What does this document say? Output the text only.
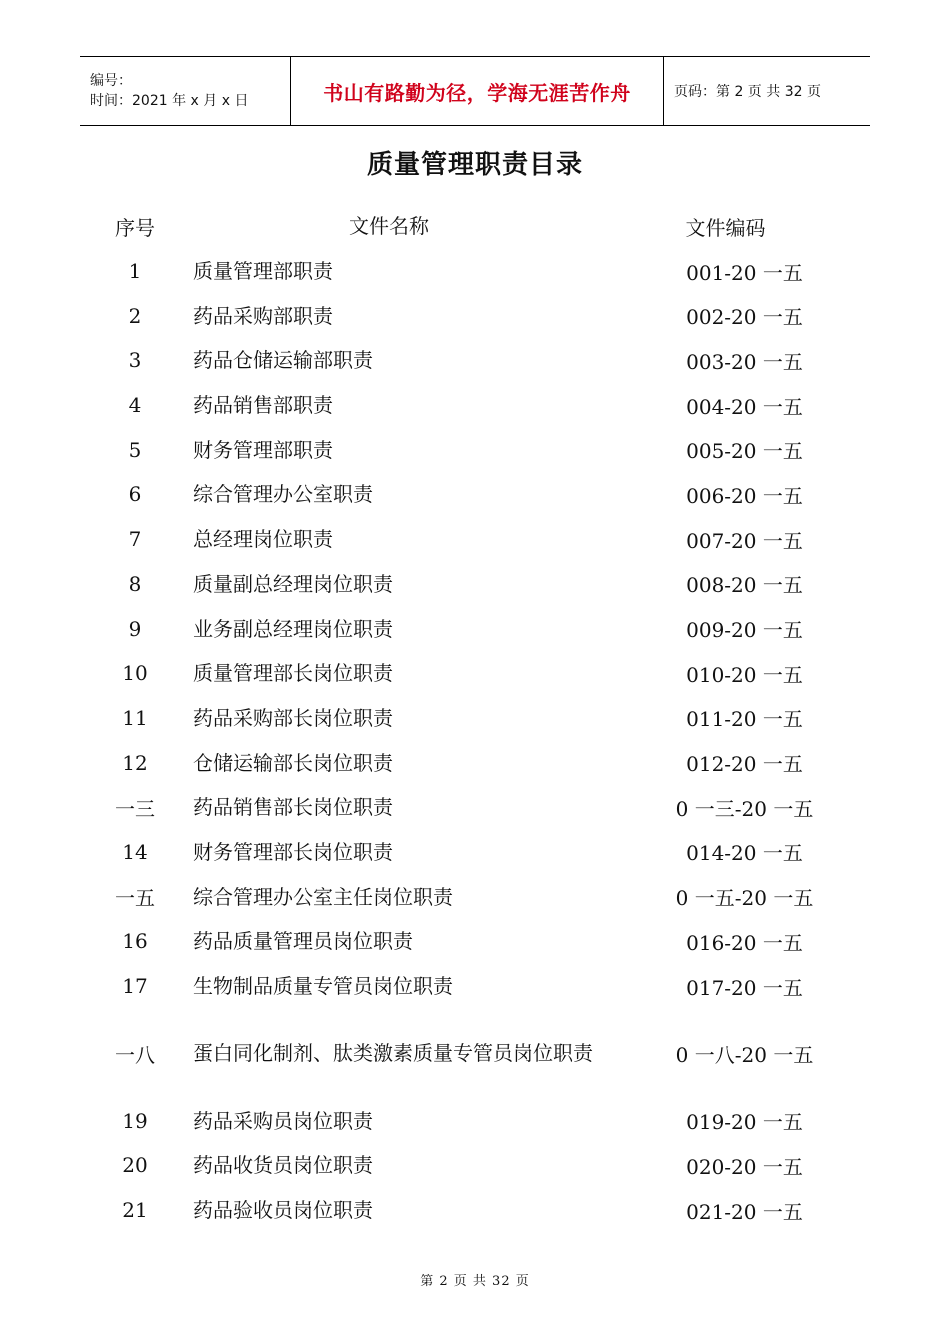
编号：
时间：2021 年 x 月 x 日	书山有路勤为径，学海无涯苦作舟	页码：第 2 页 共 32 页
质量管理职责目录
序号	文件名称	文件编码
1	质量管理部职责	001-20 一五
2	药品采购部职责	002-20 一五
3	药品仓储运输部职责	003-20 一五
4	药品销售部职责	004-20 一五
5	财务管理部职责	005-20 一五
6	综合管理办公室职责	006-20 一五
7	总经理岗位职责	007-20 一五
8	质量副总经理岗位职责	008-20 一五
9	业务副总经理岗位职责	009-20 一五
10	质量管理部长岗位职责	010-20 一五
11	药品采购部长岗位职责	011-20 一五
12	仓储运输部长岗位职责	012-20 一五
一三	药品销售部长岗位职责	0 一三-20 一五
14	财务管理部长岗位职责	014-20 一五
一五	综合管理办公室主任岗位职责	0 一五-20 一五
16	药品质量管理员岗位职责	016-20 一五
17	生物制品质量专管员岗位职责	017-20 一五
一八	蛋白同化制剂、肽类激素质量专管员岗位职责	0 一八-20 一五
19	药品采购员岗位职责	019-20 一五
20	药品收货员岗位职责	020-20 一五
21	药品验收员岗位职责	021-20 一五
第 2 页 共 32 页
